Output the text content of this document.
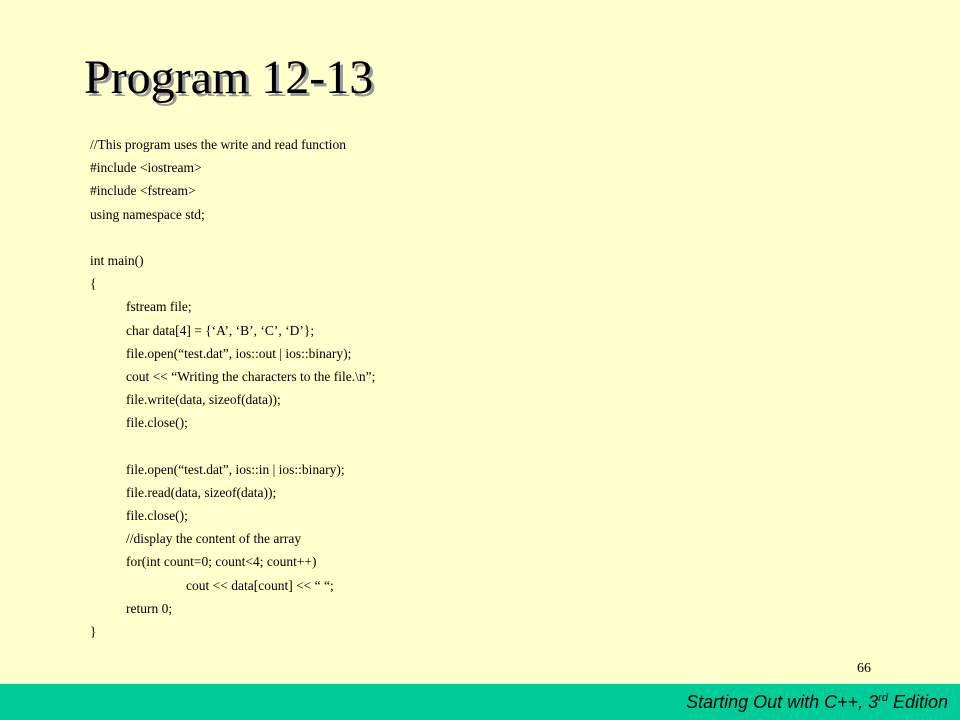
Program 12-13
//This program uses the write and read function
#include <iostream>
#include <fstream>
using namespace std;
int main()
{
fstream file;
char data[4] = {‘A’, ‘B’, ‘C’, ‘D’};
file.open(“test.dat”, ios::out | ios::binary);
cout << “Writing the characters to the file.\n”;
file.write(data, sizeof(data));
file.close();
file.open(“test.dat”, ios::in | ios::binary);
file.read(data, sizeof(data));
file.close();
//display the content of the array
for(int count=0; count<4; count++)
cout << data[count] << “ “;
return 0;
}
66
Starting Out with C++, 3rd Edition
